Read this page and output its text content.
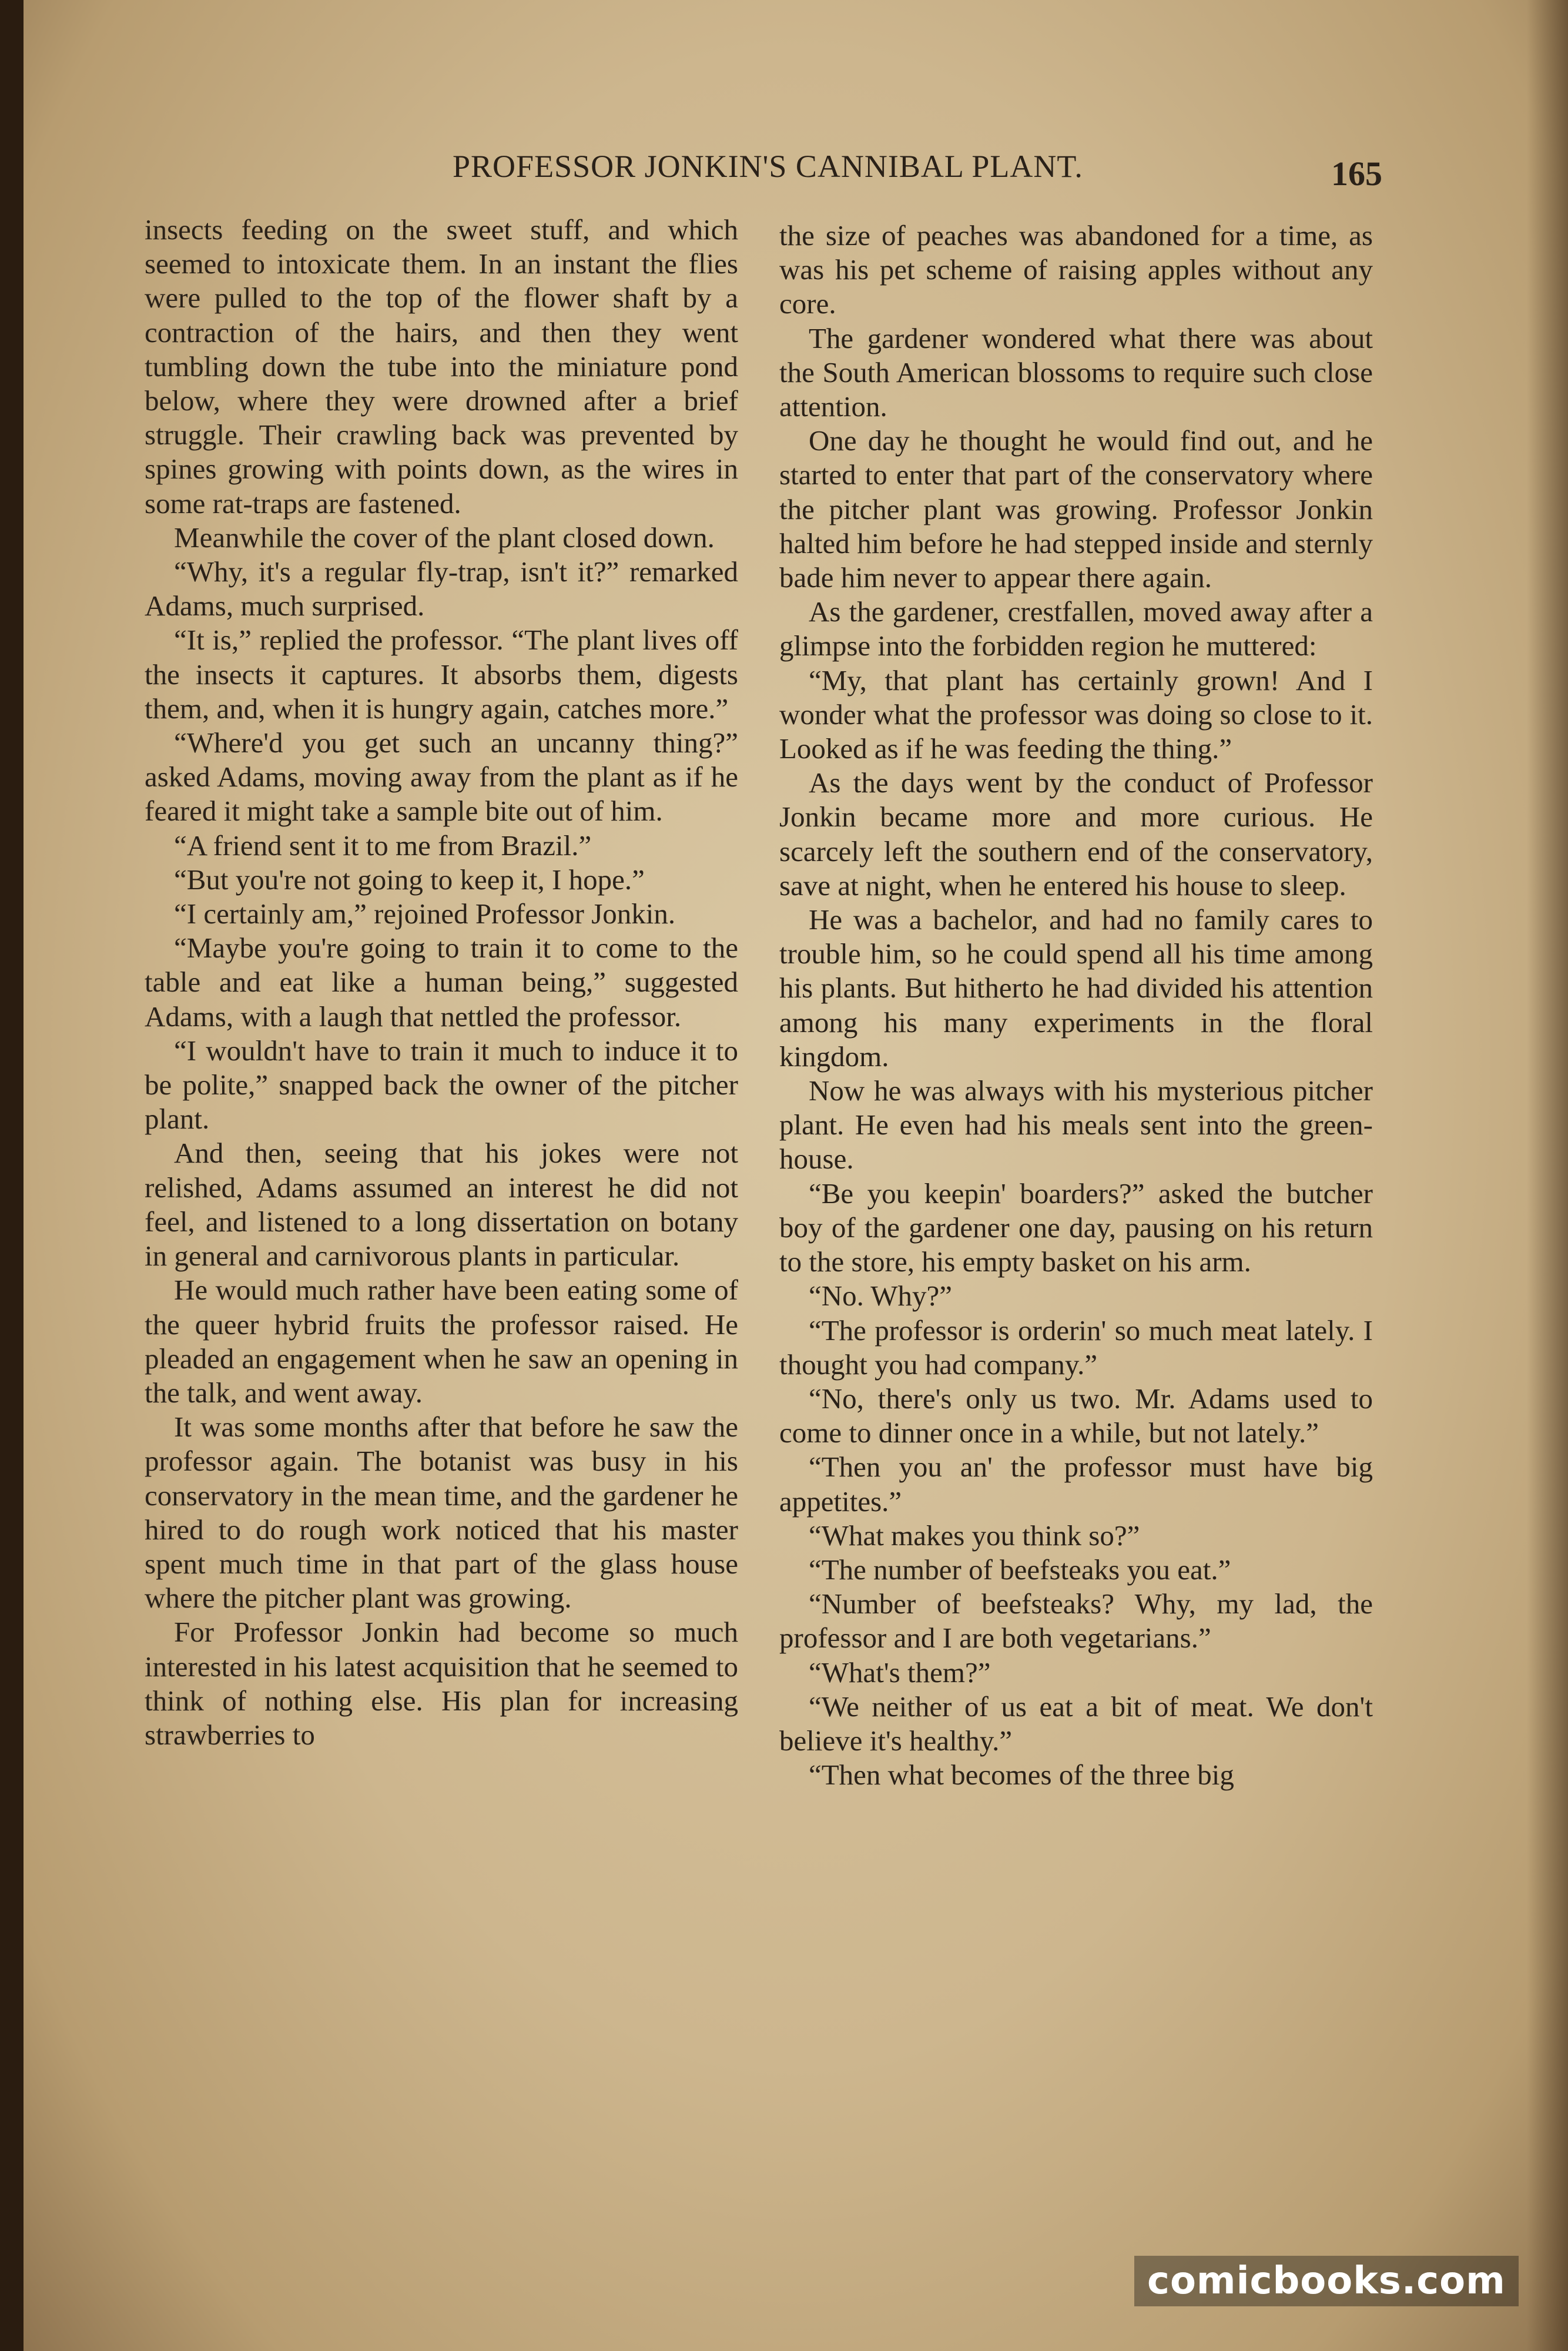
PROFESSOR JONKIN'S CANNIBAL PLANT.	165

insects feeding on the sweet stuff, and which seemed to intoxicate them. In an instant the flies were pulled to the top of the flower shaft by a contraction of the hairs, and then they went tumbling down the tube into the miniature pond below, where they were drowned after a brief struggle. Their crawling back was prevented by spines growing with points down, as the wires in some rat-traps are fastened.

Meanwhile the cover of the plant closed down.

“Why, it's a regular fly-trap, isn't it?” remarked Adams, much surprised.

“It is,” replied the professor. “The plant lives off the insects it captures. It absorbs them, digests them, and, when it is hungry again, catches more.”

“Where'd you get such an uncanny thing?” asked Adams, moving away from the plant as if he feared it might take a sample bite out of him.

“A friend sent it to me from Brazil.”

“But you're not going to keep it, I hope.”

“I certainly am,” rejoined Professor Jonkin.

“Maybe you're going to train it to come to the table and eat like a human being,” suggested Adams, with a laugh that nettled the professor.

“I wouldn't have to train it much to induce it to be polite,” snapped back the owner of the pitcher plant.

And then, seeing that his jokes were not relished, Adams assumed an interest he did not feel, and listened to a long dissertation on botany in general and carnivorous plants in particular.

He would much rather have been eating some of the queer hybrid fruits the professor raised. He pleaded an engagement when he saw an opening in the talk, and went away.

It was some months after that before he saw the professor again. The botanist was busy in his conservatory in the mean time, and the gardener he hired to do rough work noticed that his master spent much time in that part of the glass house where the pitcher plant was growing.

For Professor Jonkin had become so much interested in his latest acquisition that he seemed to think of nothing else. His plan for increasing strawberries to

the size of peaches was abandoned for a time, as was his pet scheme of raising apples without any core.

The gardener wondered what there was about the South American blossoms to require such close attention.

One day he thought he would find out, and he started to enter that part of the conservatory where the pitcher plant was growing. Professor Jonkin halted him before he had stepped inside and sternly bade him never to appear there again.

As the gardener, crestfallen, moved away after a glimpse into the forbidden region he muttered:

“My, that plant has certainly grown! And I wonder what the professor was doing so close to it. Looked as if he was feeding the thing.”

As the days went by the conduct of Professor Jonkin became more and more curious. He scarcely left the southern end of the conservatory, save at night, when he entered his house to sleep.

He was a bachelor, and had no family cares to trouble him, so he could spend all his time among his plants. But hitherto he had divided his attention among his many experiments in the floral kingdom.

Now he was always with his mysterious pitcher plant. He even had his meals sent into the green-house.

“Be you keepin' boarders?” asked the butcher boy of the gardener one day, pausing on his return to the store, his empty basket on his arm.

“No. Why?”

“The professor is orderin' so much meat lately. I thought you had company.”

“No, there's only us two. Mr. Adams used to come to dinner once in a while, but not lately.”

“Then you an' the professor must have big appetites.”

“What makes you think so?”

“The number of beefsteaks you eat.”

“Number of beefsteaks? Why, my lad, the professor and I are both vegetarians.”

“What's them?”

“We neither of us eat a bit of meat. We don't believe it's healthy.”

“Then what becomes of the three big

comicbooks.com
